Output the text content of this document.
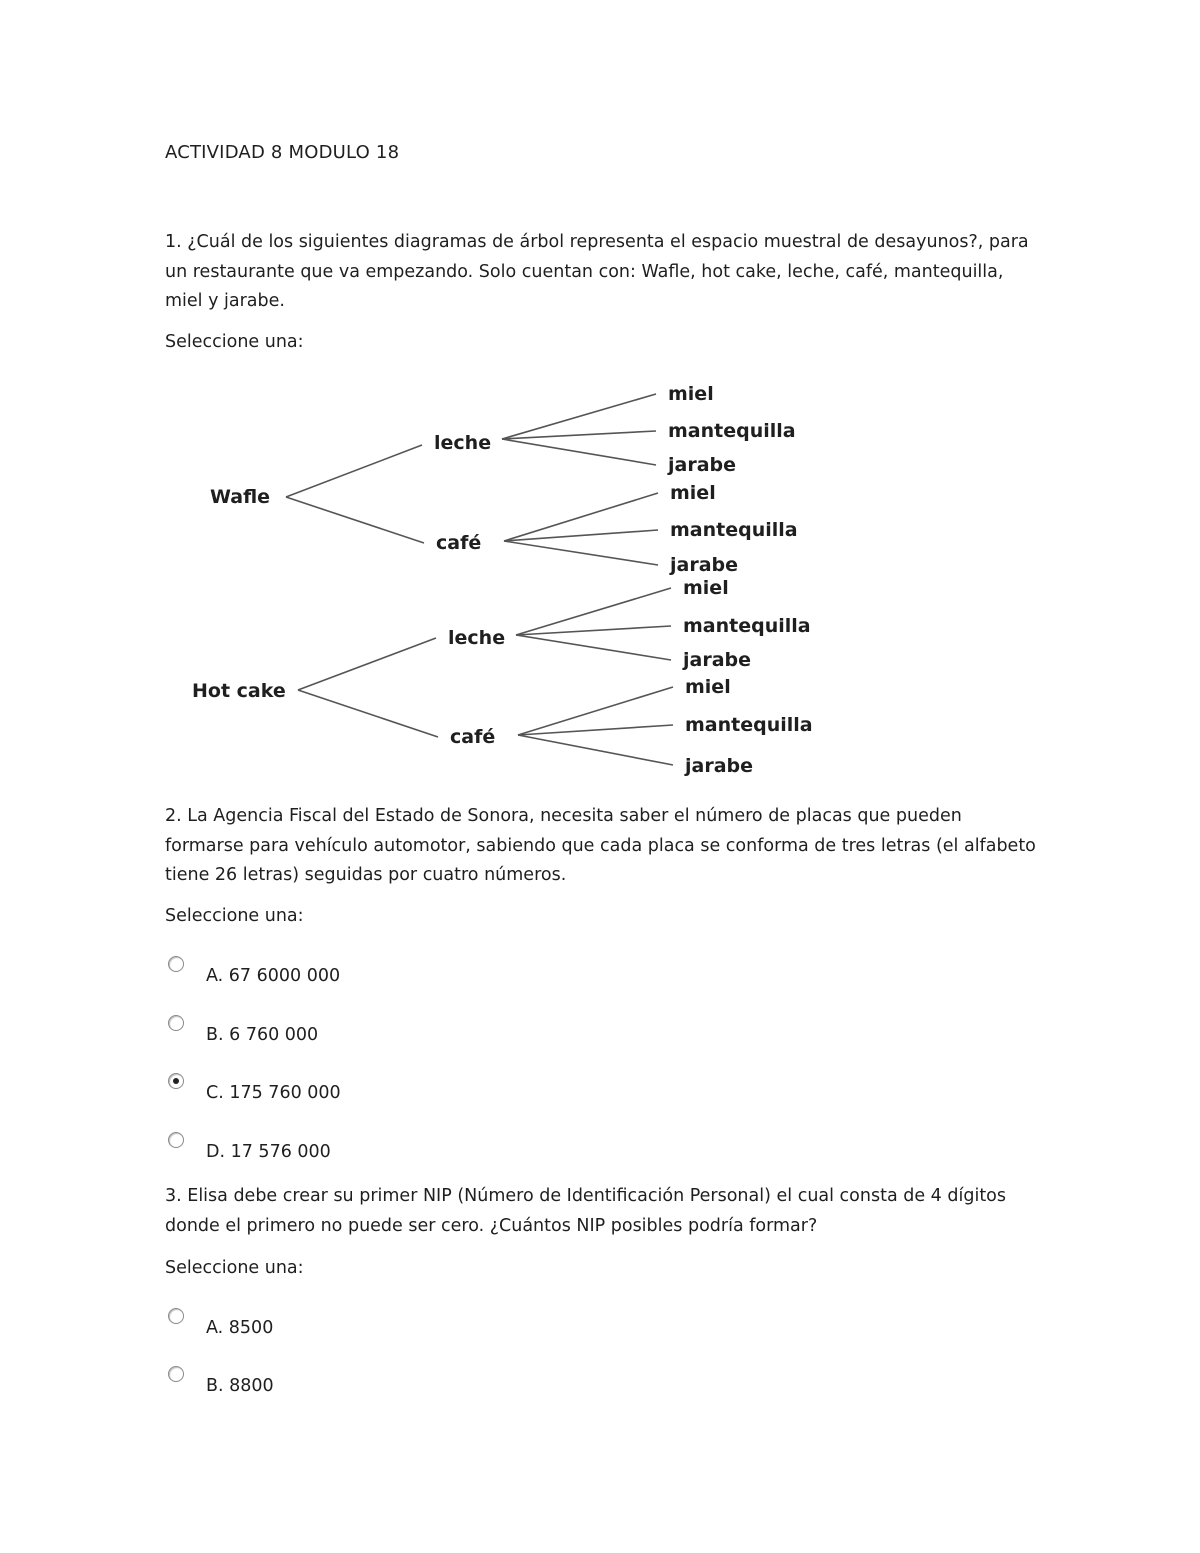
ACTIVIDAD 8 MODULO 18
1. ¿Cuál de los siguientes diagramas de árbol representa el espacio muestral de desayunos?, para un restaurante que va empezando. Solo cuentan con: Wafle, hot cake, leche, café, mantequilla, miel y jarabe.
Seleccione una:
Wafle
leche
café
miel
mantequilla
jarabe
miel
mantequilla
jarabe
Hot cake
leche
café
miel
mantequilla
jarabe
miel
mantequilla
jarabe
2. La Agencia Fiscal del Estado de Sonora, necesita saber el número de placas que pueden formarse para vehículo automotor, sabiendo que cada placa se conforma de tres letras (el alfabeto tiene 26 letras) seguidas por cuatro números.
Seleccione una:
A. 67 6000 000
B. 6 760 000
C. 175 760 000
D. 17 576 000
3. Elisa debe crear su primer NIP (Número de Identificación Personal) el cual consta de 4 dígitos donde el primero no puede ser cero. ¿Cuántos NIP posibles podría formar?
Seleccione una:
A. 8500
B. 8800
